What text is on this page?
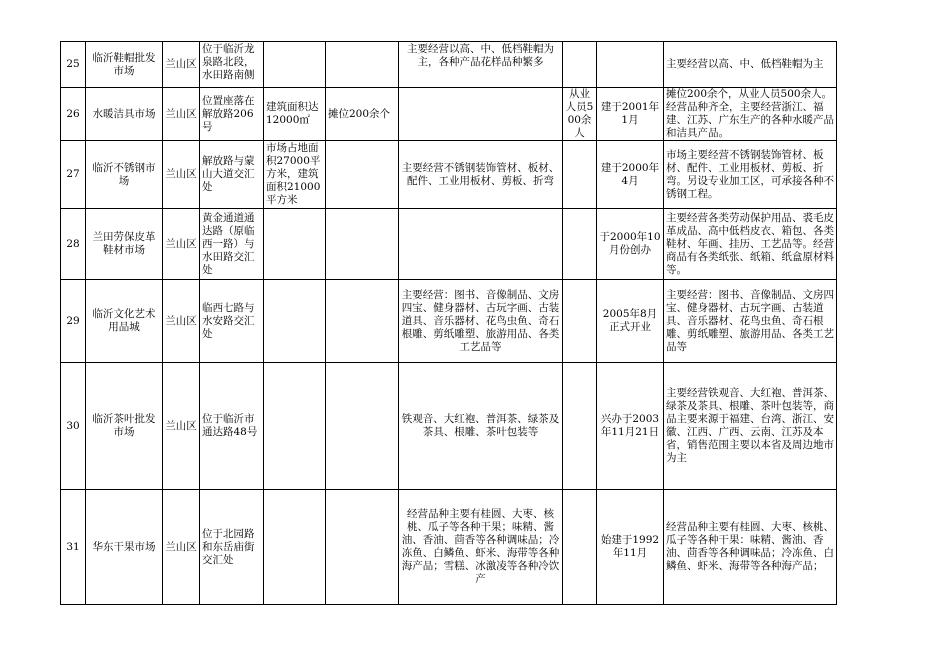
25	临沂鞋帽批发市场	兰山区	位于临沂龙泉路北段，水田路南侧			主要经营以高、中、低档鞋帽为主，各种产品花样品种繁多			主要经营以高、中、低档鞋帽为主
26	水暖洁具市场	兰山区	位置座落在解放路206号	建筑面积达12000㎡	摊位200余个		从业人员500余人	建于2001年1月	摊位200余个，从业人员500余人。经营品种齐全，主要经营浙江、福建、江苏、广东生产的各种水暖产品和洁具产品。
27	临沂不锈钢市场	兰山区	解放路与蒙山大道交汇处	市场占地面积27000平方米，建筑面积21000平方米		主要经营不锈钢装饰管材、板材、配件、工业用板材、剪板、折弯		建于2000年4月	市场主要经营不锈钢装饰管材、板材、配件、工业用板材、剪板、折弯。另设专业加工区，可承接各种不锈钢工程。
28	兰田劳保皮革鞋材市场	兰山区	黄金通道通达路（原临西一路）与水田路交汇处					于2000年10月份创办	主要经营各类劳动保护用品、裘毛皮革成品、高中低档皮衣、箱包、各类鞋材、年画、挂历、工艺品等。经营商品有各类纸张、纸箱、纸盒原材料等。
29	临沂文化艺术用品城	兰山区	临西七路与水安路交汇处			主要经营：图书、音像制品、文房四宝、健身器材、古玩字画、古装道具、音乐器材、花鸟虫鱼、奇石根雕、剪纸雕塑、旅游用品、各类工艺品等		2005年8月正式开业	主要经营：图书、音像制品、文房四宝、健身器材、古玩字画、古装道具、音乐器材、花鸟虫鱼、奇石根雕、剪纸雕塑、旅游用品、各类工艺品等
30	临沂茶叶批发市场	兰山区	位于临沂市通达路48号			铁观音、大红袍、普洱茶、绿茶及茶具、根雕、茶叶包装等		兴办于2003年11月21日	主要经营铁观音、大红袍、普洱茶、绿茶及茶具、根雕、茶叶包装等，商品主要来源于福建、台湾、浙江、安徽、江西、广西、云南、江苏及本省，销售范围主要以本省及周边地市为主
31	华东干果市场	兰山区	位于北园路和东岳庙街交汇处			经营品种主要有桂圆、大枣、核桃、瓜子等各种干果；味精、酱油、香油、茴香等各种调味品；冷冻鱼、白鳞鱼、虾米、海带等各种海产品；雪糕、冰激凌等各种冷饮产		始建于1992年11月	经营品种主要有桂圆、大枣、核桃、瓜子等各种干果：味精、酱油、香油、茴香等各种调味品；冷冻鱼、白鳞鱼、虾米、海带等各种海产品；
